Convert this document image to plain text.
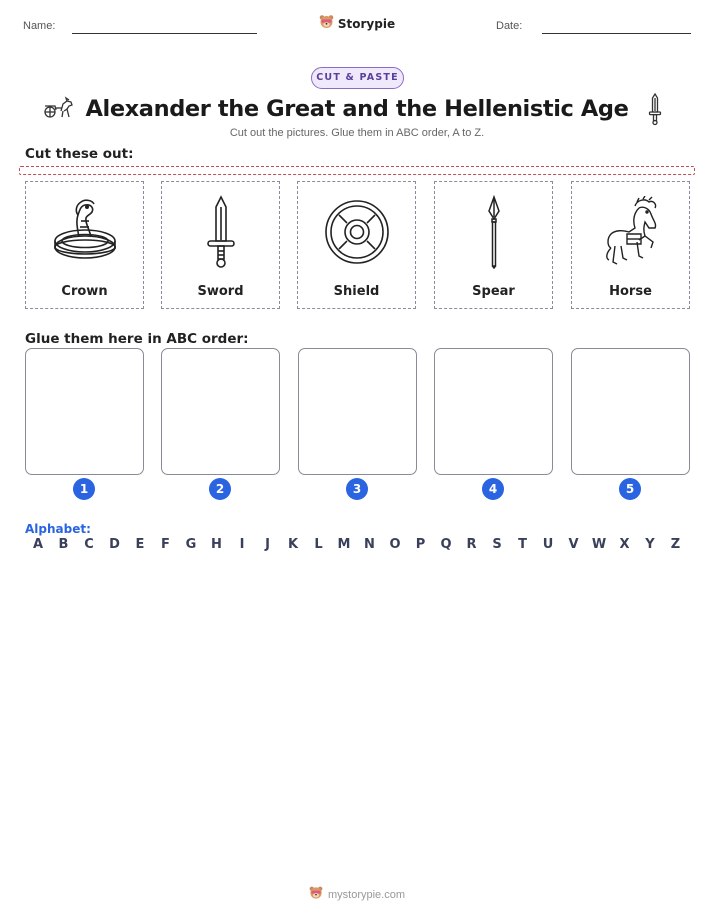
Name:	Storypie	Date:
CUT & PASTE
Alexander the Great and the Hellenistic Age
Cut out the pictures. Glue them in ABC order, A to Z.
Cut these out:
Crown	Sword	Shield	Spear	Horse
Glue them here in ABC order:
1	2	3	4	5
Alphabet:
A	B	C	D	E	F	G	H	I	J	K	L	M	N	O	P	Q	R	S	T	U	V	W	X	Y	Z
mystorypie.com
